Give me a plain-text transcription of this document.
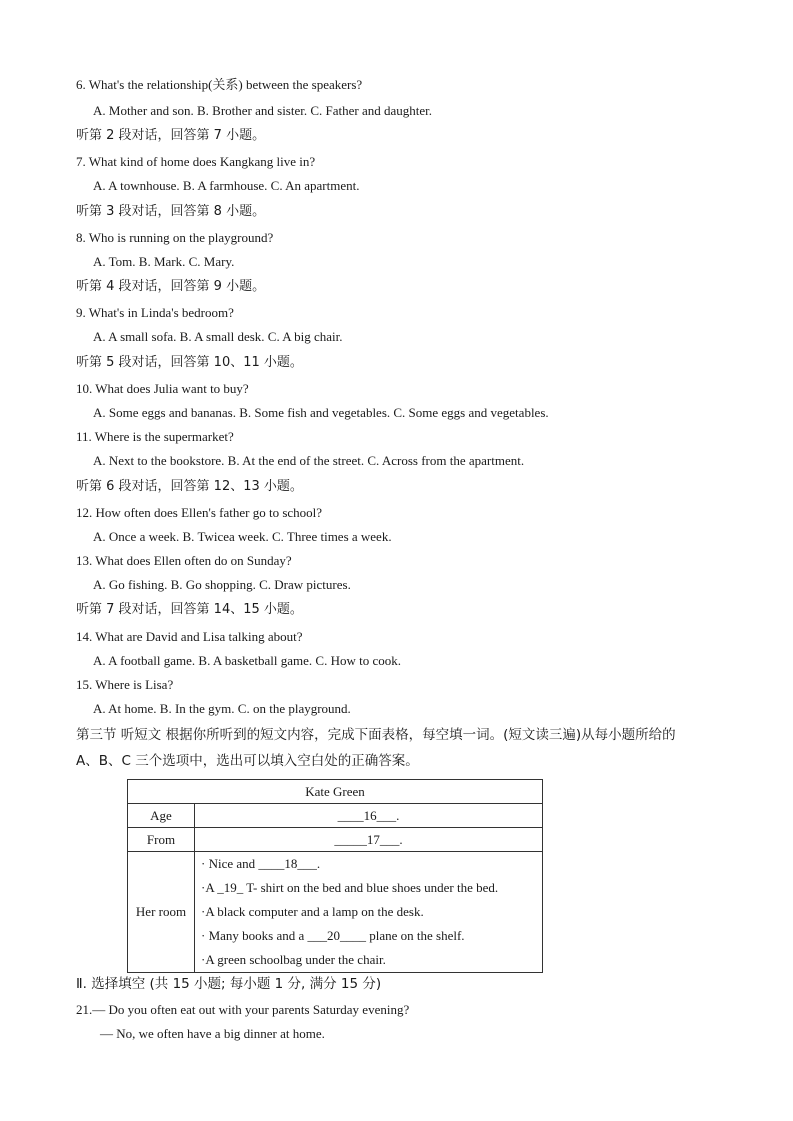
6. What's the relationship(关系) between the speakers?
A. Mother and son. B. Brother and sister. C. Father and daughter.
听第 2 段对话，回答第 7 小题。
7. What kind of home does Kangkang live in?
A. A townhouse. B. A farmhouse. C. An apartment.
听第 3 段对话，回答第 8 小题。
8. Who is running on the playground?
A. Tom. B. Mark. C. Mary.
听第 4 段对话，回答第 9 小题。
9. What's in Linda's bedroom?
A. A small sofa. B. A small desk. C. A big chair.
听第 5 段对话，回答第 10、11 小题。
10. What does Julia want to buy?
A. Some eggs and bananas. B. Some fish and vegetables. C. Some eggs and vegetables.
11. Where is the supermarket?
A. Next to the bookstore. B. At the end of the street. C. Across from the apartment.
听第 6 段对话，回答第 12、13 小题。
12. How often does Ellen's father go to school?
A. Once a week. B. Twicea week. C. Three times a week.
13. What does Ellen often do on Sunday?
A. Go fishing. B. Go shopping. C. Draw pictures.
听第 7 段对话，回答第 14、15 小题。
14. What are David and Lisa talking about?
A. A football game. B. A basketball game. C. How to cook.
15. Where is Lisa?
A. At home. B. In the gym. C. on the playground.
第三节 听短文 根据你所听到的短文内容，完成下面表格，每空填一词。(短文读三遍)从每小题所给的
A、B、C 三个选项中，选出可以填入空白处的正确答案。
Kate Green	
Age	____16___.
From	_____17___.
Her room	· Nice and ____18___.
·A _19_ T- shirt on the bed and blue shoes under the bed.
·A black computer and a lamp on the desk.
· Many books and a ___20____ plane on the shelf.
·A green schoolbag under the chair.
Ⅱ. 选择填空 (共 15 小题; 每小题 1 分, 满分 15 分)
21.— Do you often eat out with your parents Saturday evening?
— No, we often have a big dinner at home.
